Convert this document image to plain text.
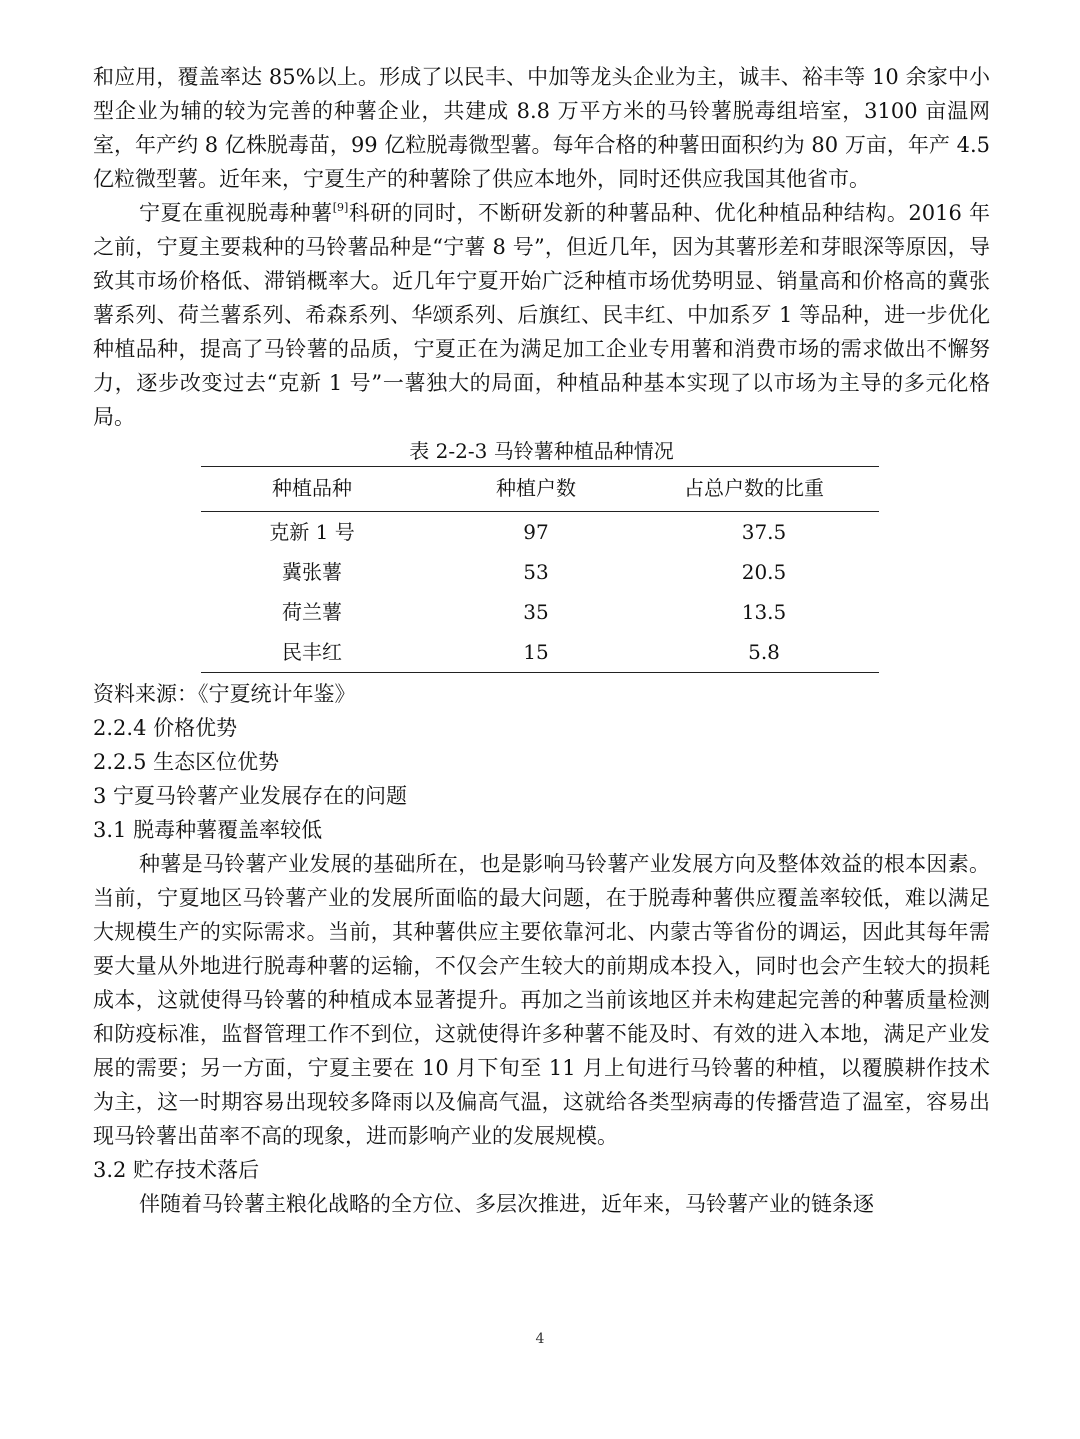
和应用，覆盖率达 85%以上。形成了以民丰、中加等龙头企业为主，诚丰、裕丰等 10 余家中小型企业为辅的较为完善的种薯企业，共建成 8.8 万平方米的马铃薯脱毒组培室，3100 亩温网室，年产约 8 亿株脱毒苗，99 亿粒脱毒微型薯。每年合格的种薯田面积约为 80 万亩，年产 4.5 亿粒微型薯。近年来，宁夏生产的种薯除了供应本地外，同时还供应我国其他省市。

宁夏在重视脱毒种薯[9]科研的同时，不断研发新的种薯品种、优化种植品种结构。2016 年之前，宁夏主要栽种的马铃薯品种是“宁薯 8 号”，但近几年，因为其薯形差和芽眼深等原因，导致其市场价格低、滞销概率大。近几年宁夏开始广泛种植市场优势明显、销量高和价格高的冀张薯系列、荷兰薯系列、希森系列、华颂系列、后旗红、民丰红、中加系歹 1 等品种，进一步优化种植品种，提高了马铃薯的品质，宁夏正在为满足加工企业专用薯和消费市场的需求做出不懈努力，逐步改变过去“克新 1 号”一薯独大的局面，种植品种基本实现了以市场为主导的多元化格局。

表 2-2-3 马铃薯种植品种情况
种植品种	种植户数	占总户数的比重
克新 1 号	97	37.5
冀张薯	53	20.5
荷兰薯	35	13.5
民丰红	15	5.8

资料来源：《宁夏统计年鉴》

2.2.4 价格优势

2.2.5 生态区位优势

3 宁夏马铃薯产业发展存在的问题

3.1 脱毒种薯覆盖率较低

种薯是马铃薯产业发展的基础所在，也是影响马铃薯产业发展方向及整体效益的根本因素。当前，宁夏地区马铃薯产业的发展所面临的最大问题，在于脱毒种薯供应覆盖率较低，难以满足大规模生产的实际需求。当前，其种薯供应主要依靠河北、内蒙古等省份的调运，因此其每年需要大量从外地进行脱毒种薯的运输，不仅会产生较大的前期成本投入，同时也会产生较大的损耗成本，这就使得马铃薯的种植成本显著提升。再加之当前该地区并未构建起完善的种薯质量检测和防疫标准，监督管理工作不到位，这就使得许多种薯不能及时、有效的进入本地，满足产业发展的需要；另一方面，宁夏主要在 10 月下旬至 11 月上旬进行马铃薯的种植，以覆膜耕作技术为主，这一时期容易出现较多降雨以及偏高气温，这就给各类型病毒的传播营造了温室，容易出现马铃薯出苗率不高的现象，进而影响产业的发展规模。

3.2 贮存技术落后

伴随着马铃薯主粮化战略的全方位、多层次推进，近年来，马铃薯产业的链条逐

4
